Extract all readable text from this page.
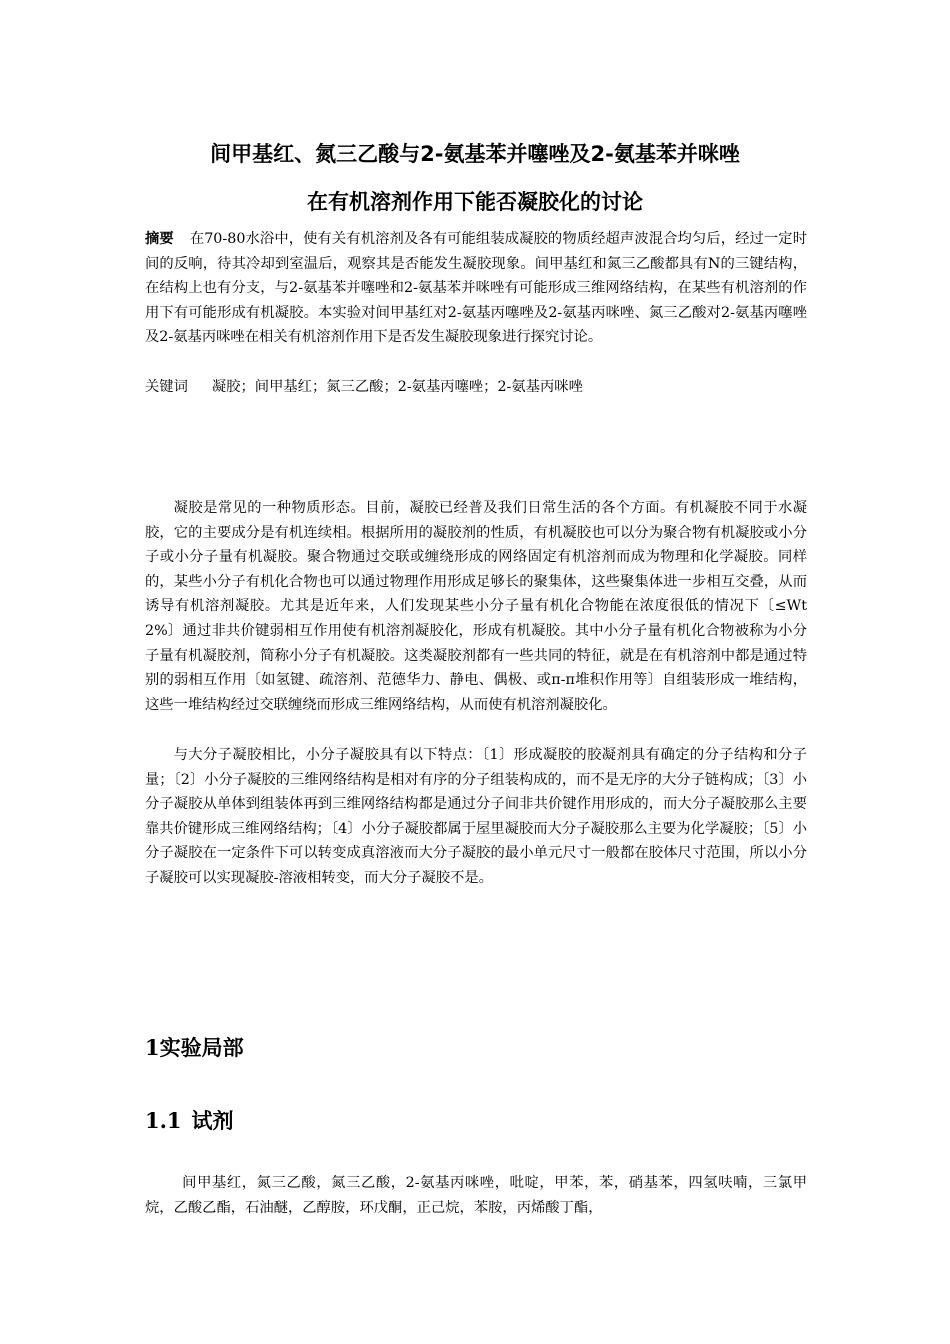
间甲基红、氮三乙酸与2-氨基苯并噻唑及2-氨基苯并咪唑
在有机溶剂作用下能否凝胶化的讨论

摘要 在70-80水浴中，使有关有机溶剂及各有可能组装成凝胶的物质经超声波混合均匀后，经过一定时间的反响，待其冷却到室温后，观察其是否能发生凝胶现象。间甲基红和氮三乙酸都具有N的三键结构，在结构上也有分支，与2-氨基苯并噻唑和2-氨基苯并咪唑有可能形成三维网络结构，在某些有机溶剂的作用下有可能形成有机凝胶。本实验对间甲基红对2-氨基丙噻唑及2-氨基丙咪唑、氮三乙酸对2-氨基丙噻唑及2-氨基丙咪唑在相关有机溶剂作用下是否发生凝胶现象进行探究讨论。

关键词 凝胶；间甲基红；氮三乙酸；2-氨基丙噻唑；2-氨基丙咪唑

凝胶是常见的一种物质形态。目前，凝胶已经普及我们日常生活的各个方面。有机凝胶不同于水凝胶，它的主要成分是有机连续相。根据所用的凝胶剂的性质，有机凝胶也可以分为聚合物有机凝胶或小分子或小分子量有机凝胶。聚合物通过交联或缠绕形成的网络固定有机溶剂而成为物理和化学凝胶。同样的，某些小分子有机化合物也可以通过物理作用形成足够长的聚集体，这些聚集体进一步相互交叠，从而诱导有机溶剂凝胶。尤其是近年来，人们发现某些小分子量有机化合物能在浓度很低的情况下〔≤Wt 2%〕通过非共价键弱相互作用使有机溶剂凝胶化，形成有机凝胶。其中小分子量有机化合物被称为小分子量有机凝胶剂，简称小分子有机凝胶。这类凝胶剂都有一些共同的特征，就是在有机溶剂中都是通过特别的弱相互作用〔如氢键、疏溶剂、范德华力、静电、偶极、或π-π堆积作用等〕自组装形成一堆结构，这些一堆结构经过交联缠绕而形成三维网络结构，从而使有机溶剂凝胶化。

与大分子凝胶相比，小分子凝胶具有以下特点：〔1〕形成凝胶的胶凝剂具有确定的分子结构和分子量；〔2〕小分子凝胶的三维网络结构是相对有序的分子组装构成的，而不是无序的大分子链构成；〔3〕小分子凝胶从单体到组装体再到三维网络结构都是通过分子间非共价键作用形成的，而大分子凝胶那么主要靠共价键形成三维网络结构；〔4〕小分子凝胶都属于屋里凝胶而大分子凝胶那么主要为化学凝胶；〔5〕小分子凝胶在一定条件下可以转变成真溶液而大分子凝胶的最小单元尺寸一般都在胶体尺寸范围，所以小分子凝胶可以实现凝胶-溶液相转变，而大分子凝胶不是。

1实验局部
1.1 试剂

间甲基红，氮三乙酸，氮三乙酸，2-氨基丙咪唑，吡啶，甲苯，苯，硝基苯，四氢呋喃，三氯甲烷，乙酸乙酯，石油醚，乙醇胺，环戊酮，正己烷，苯胺，丙烯酸丁酯，
